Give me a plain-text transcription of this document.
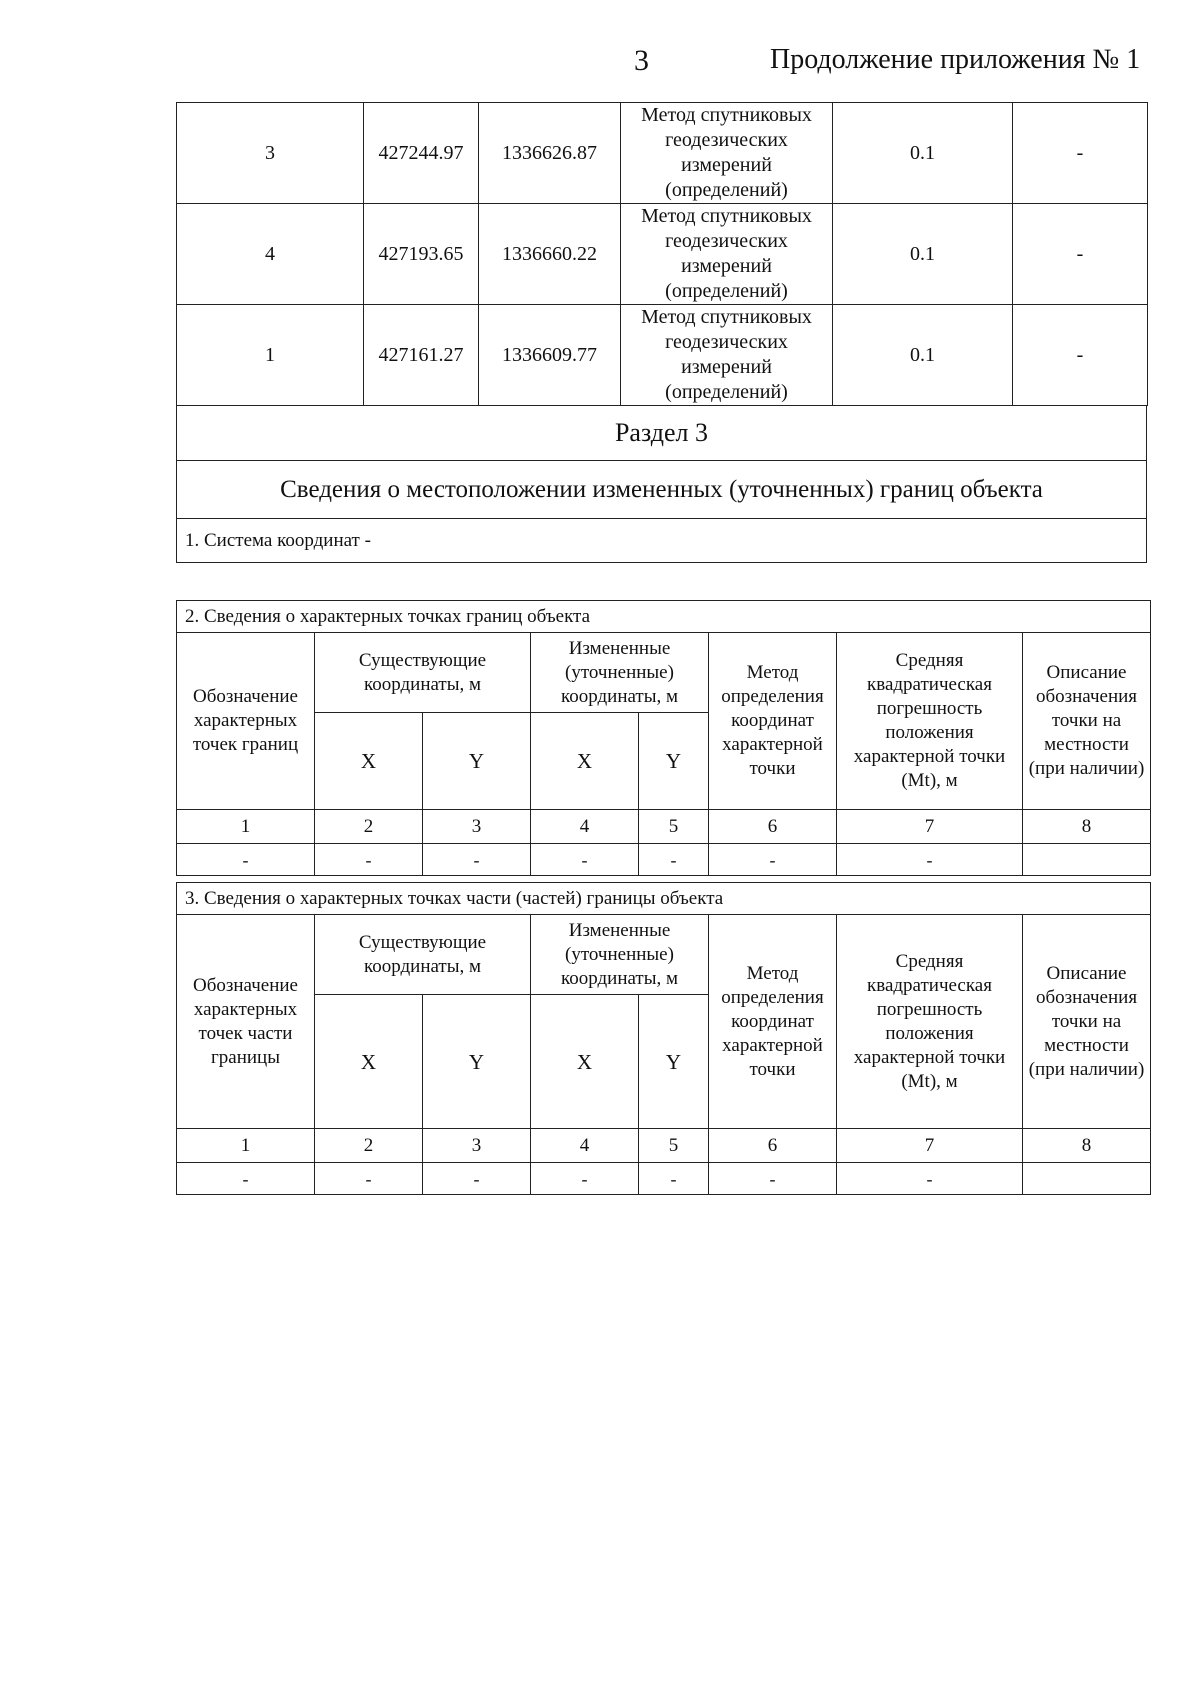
3	Продолжение приложения № 1
3	427244.97	1336626.87	Метод спутниковых геодезических измерений (определений)	0.1	-
4	427193.65	1336660.22	Метод спутниковых геодезических измерений (определений)	0.1	-
1	427161.27	1336609.77	Метод спутниковых геодезических измерений (определений)	0.1	-
Раздел 3
Сведения о местоположении измененных (уточненных) границ объекта
1. Система координат -
2. Сведения о характерных точках границ объекта							
Обозначение характерных точек границ	Существующие координаты, м		Измененные (уточненные) координаты, м		Метод определения координат характерной точки	Средняя квадратическая погрешность положения характерной точки (Mt), м	Описание обозначения точки на местности (при наличии)
	X	Y	X	Y			
1	2	3	4	5	6	7	8
-	-	-	-	-	-	-	
3. Сведения о характерных точках части (частей) границы объекта							
Обозначение характерных точек части границы	Существующие координаты, м		Измененные (уточненные) координаты, м		Метод определения координат характерной точки	Средняя квадратическая погрешность положения характерной точки (Mt), м	Описание обозначения точки на местности (при наличии)
	X	Y	X	Y			
1	2	3	4	5	6	7	8
-	-	-	-	-	-	-	
